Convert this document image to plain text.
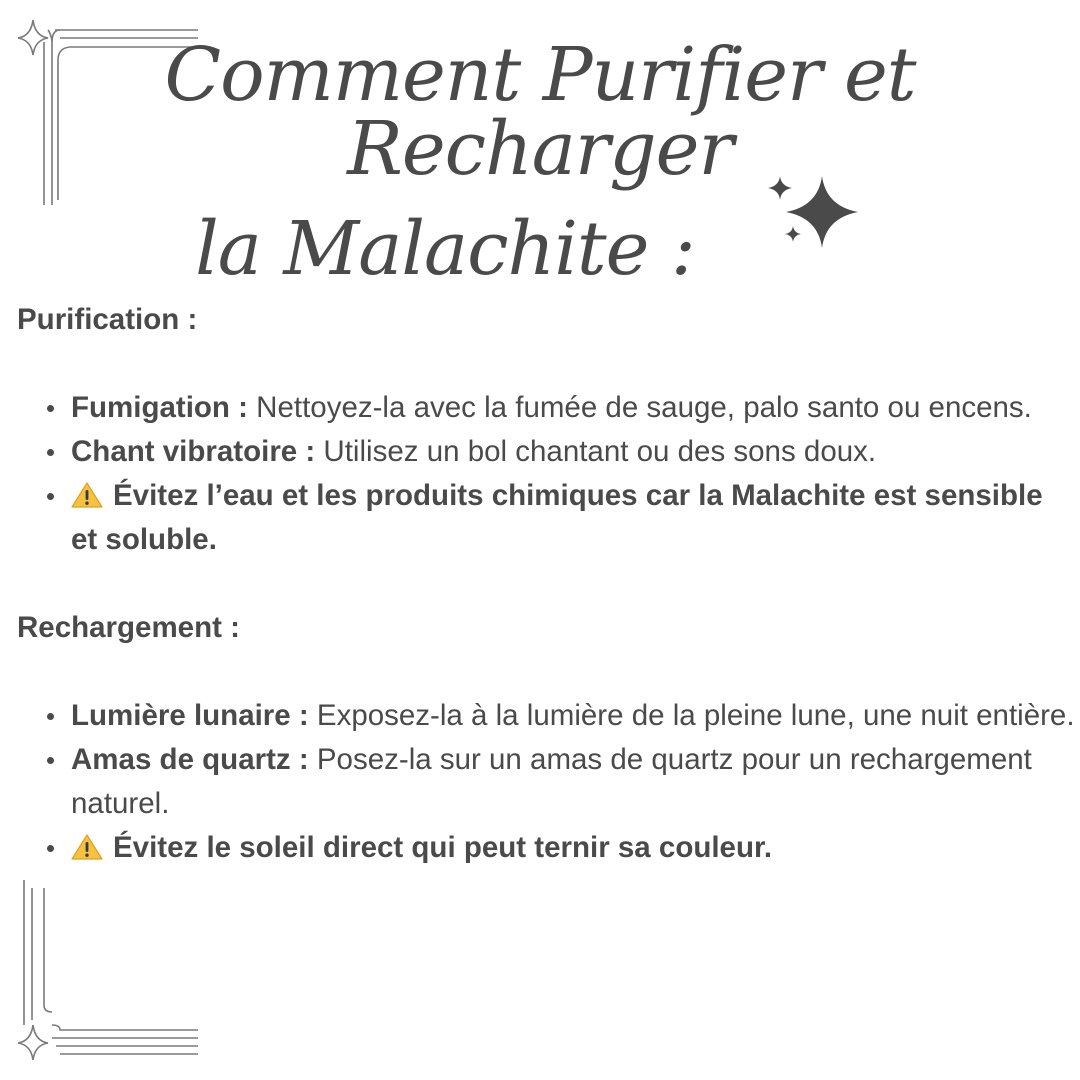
Comment Purifier et Recharger
la Malachite :

Purification :

Fumigation : Nettoyez-la avec la fumée de sauge, palo santo ou encens.
Chant vibratoire : Utilisez un bol chantant ou des sons doux.
Évitez l’eau et les produits chimiques car la Malachite est sensible et soluble.

Rechargement :

Lumière lunaire : Exposez-la à la lumière de la pleine lune, une nuit entière.
Amas de quartz : Posez-la sur un amas de quartz pour un rechargement naturel.
Évitez le soleil direct qui peut ternir sa couleur.
